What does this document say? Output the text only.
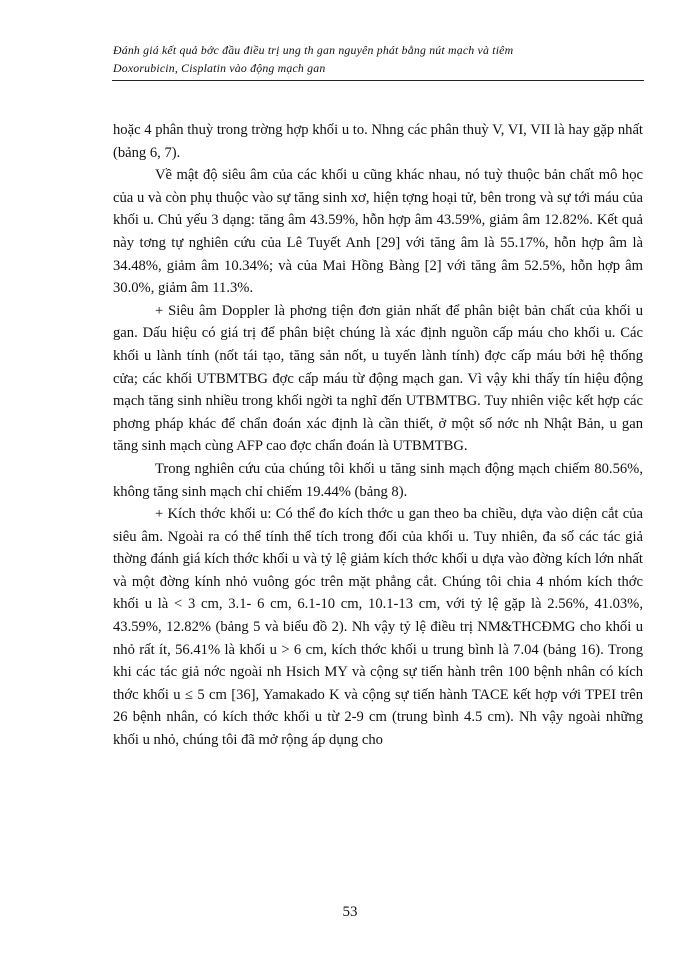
Đánh giá kết quả bớc đầu điều trị ung th gan nguyên phát bằng nút mạch và tiêm
Doxorubicin, Cisplatin vào động mạch gan

hoặc 4 phân thuỳ trong trờng hợp khối u to. Nhng các phân thuỳ V, VI, VII là hay gặp nhất (bảng 6, 7).

Về mật độ siêu âm của các khối u cũng khác nhau, nó tuỳ thuộc bản chất mô học của u và còn phụ thuộc vào sự tăng sinh xơ, hiện tợng hoại tử, bên trong và sự tới máu của khối u. Chủ yếu 3 dạng: tăng âm 43.59%, hỗn hợp âm 43.59%, giảm âm 12.82%. Kết quả này tơng tự nghiên cứu của Lê Tuyết Anh [29] với tăng âm là 55.17%, hỗn hợp âm là 34.48%, giảm âm 10.34%; và của Mai Hồng Bàng [2] với tăng âm 52.5%, hỗn hợp âm 30.0%, giảm âm 11.3%.

+ Siêu âm Doppler là phơng tiện đơn giản nhất để phân biệt bản chất của khối u gan. Dấu hiệu có giá trị để phân biệt chúng là xác định nguồn cấp máu cho khối u. Các khối u lành tính (nốt tái tạo, tăng sản nốt, u tuyến lành tính) đợc cấp máu bởi hệ thống cửa; các khối UTBMTBG đợc cấp máu từ động mạch gan. Vì vậy khi thấy tín hiệu động mạch tăng sinh nhiều trong khối ngời ta nghĩ đến UTBMTBG. Tuy nhiên việc kết hợp các phơng pháp khác để chẩn đoán xác định là cần thiết, ở một số nớc nh Nhật Bản, u gan tăng sinh mạch cùng AFP cao đợc chẩn đoán là UTBMTBG.

Trong nghiên cứu của chúng tôi khối u tăng sinh mạch động mạch chiếm 80.56%, không tăng sinh mạch chỉ chiếm 19.44% (bảng 8).

+ Kích thớc khối u: Có thể đo kích thớc u gan theo ba chiều, dựa vào diện cắt của siêu âm. Ngoài ra có thể tính thể tích trong đối của khối u. Tuy nhiên, đa số các tác giả thờng đánh giá kích thớc khối u và tỷ lệ giảm kích thớc khối u dựa vào đờng kích lớn nhất và một đờng kính nhỏ vuông góc trên mặt phẳng cắt. Chúng tôi chia 4 nhóm kích thớc khối u là < 3 cm, 3.1- 6 cm, 6.1-10 cm, 10.1-13 cm, với tỷ lệ gặp là 2.56%, 41.03%, 43.59%, 12.82% (bảng 5 và biểu đồ 2). Nh vậy tỷ lệ điều trị NM&THCĐMG cho khối u nhỏ rất ít, 56.41% là khối u > 6 cm, kích thớc khối u trung bình là 7.04 (bảng 16). Trong khi các tác giả nớc ngoài nh Hsich MY và cộng sự tiến hành trên 100 bệnh nhân có kích thớc khối u ≤ 5 cm [36], Yamakado K và cộng sự tiến hành TACE kết hợp với TPEI trên 26 bệnh nhân, có kích thớc khối u từ 2-9 cm (trung bình 4.5 cm). Nh vậy ngoài những khối u nhỏ, chúng tôi đã mở rộng áp dụng cho

53
